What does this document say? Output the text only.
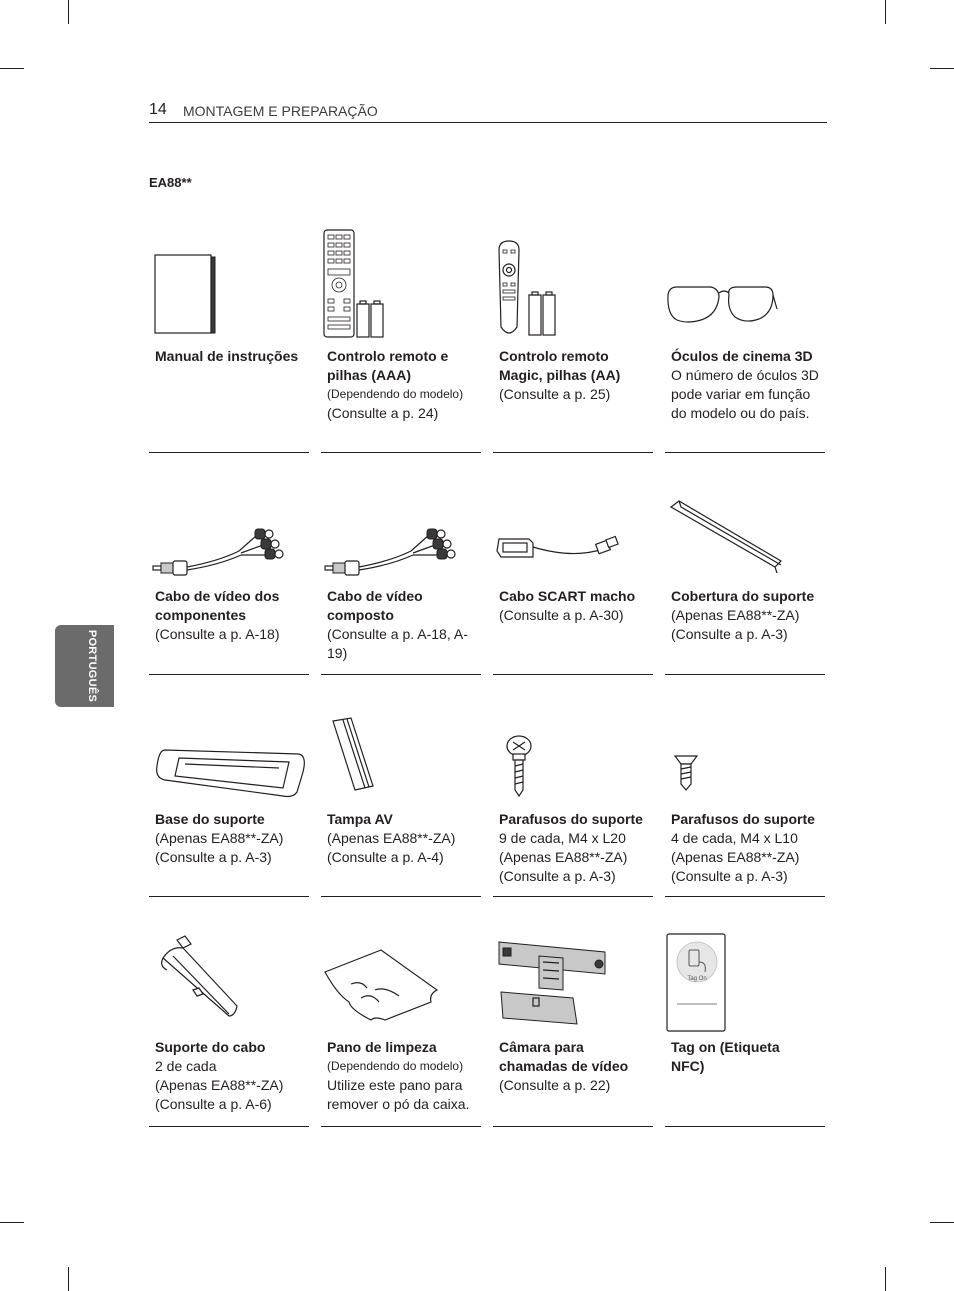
14 MONTAGEM E PREPARAÇÃO
EA88**
PORTUGUÊS
Manual de instruções	Controlo remoto e pilhas (AAA)
(Dependendo do modelo)
(Consulte a p. 24)
Controlo remoto Magic, pilhas (AA)
(Consulte a p. 25)
Óculos de cinema 3D
O número de óculos 3D pode variar em função do modelo ou do país.
Cabo de vídeo dos componentes
(Consulte a p. A-18)
Cabo de vídeo composto
(Consulte a p. A-18, A-19)
Cabo SCART macho
(Consulte a p. A-30)
Cobertura do suporte
(Apenas EA88**-ZA)
(Consulte a p. A-3)
Base do suporte
(Apenas EA88**-ZA)
(Consulte a p. A-3)
Tampa AV
(Apenas EA88**-ZA)
(Consulte a p. A-4)
Parafusos do suporte
9 de cada, M4 x L20
(Apenas EA88**-ZA)
(Consulte a p. A-3)
Parafusos do suporte
4 de cada, M4 x L10
(Apenas EA88**-ZA)
(Consulte a p. A-3)
Suporte do cabo
2 de cada
(Apenas EA88**-ZA)
(Consulte a p. A-6)
Pano de limpeza
(Dependendo do modelo)
Utilize este pano para remover o pó da caixa.
Câmara para chamadas de vídeo
(Consulte a p. 22)
Tag On
Tag on (Etiqueta NFC)
